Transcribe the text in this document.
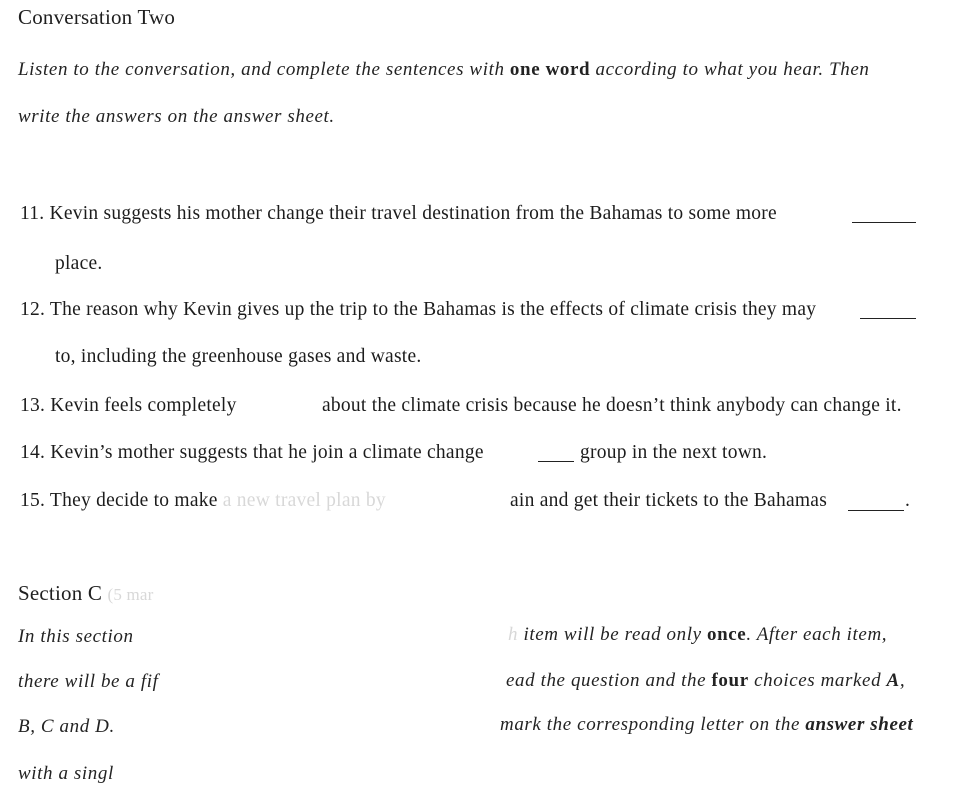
Conversation Two
Listen to the conversation, and complete the sentences with one word according to what you hear. Then
write the answers on the answer sheet.
11. Kevin suggests his mother change their travel destination from the Bahamas to some more
place.
12. The reason why Kevin gives up the trip to the Bahamas is the effects of climate crisis they may
to, including the greenhouse gases and waste.
13. Kevin feels completely	about the climate crisis because he doesn’t think anybody can change it.
14. Kevin’s mother suggests that he join a climate change	group in the next town.
15. They decide to make a new travel plan by	ain and get their tickets to the Bahamas	.
Section C (5 mar
In this section	h item will be read only once. After each item,
there will be a fif	ead the question and the four choices marked A,
B, C and D.	mark the corresponding letter on the answer sheet
with a singl
